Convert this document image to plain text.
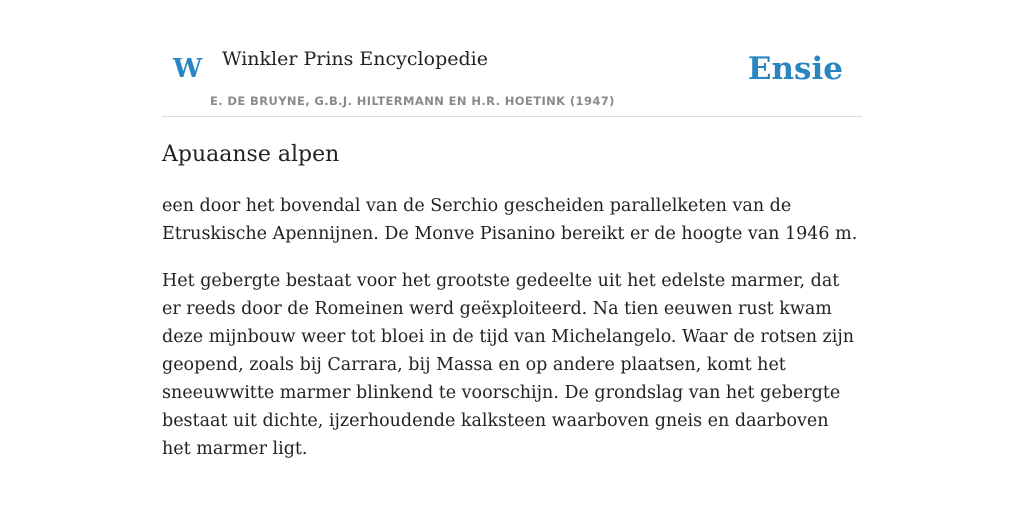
W Winkler Prins Encyclopedie
E. DE BRUYNE, G.B.J. HILTERMANN EN H.R. HOETINK (1947)
Ensie
Apuaanse alpen

een door het bovendal van de Serchio gescheiden parallelketen van de Etruskische Apennijnen. De Monve Pisanino bereikt er de hoogte van 1946 m.

Het gebergte bestaat voor het grootste gedeelte uit het edelste marmer, dat er reeds door de Romeinen werd geëxploiteerd. Na tien eeuwen rust kwam deze mijnbouw weer tot bloei in de tijd van Michelangelo. Waar de rotsen zijn geopend, zoals bij Carrara, bij Massa en op andere plaatsen, komt het sneeuwwitte marmer blinkend te voorschijn. De grondslag van het gebergte bestaat uit dichte, ijzerhoudende kalksteen waarboven gneis en daarboven het marmer ligt.
